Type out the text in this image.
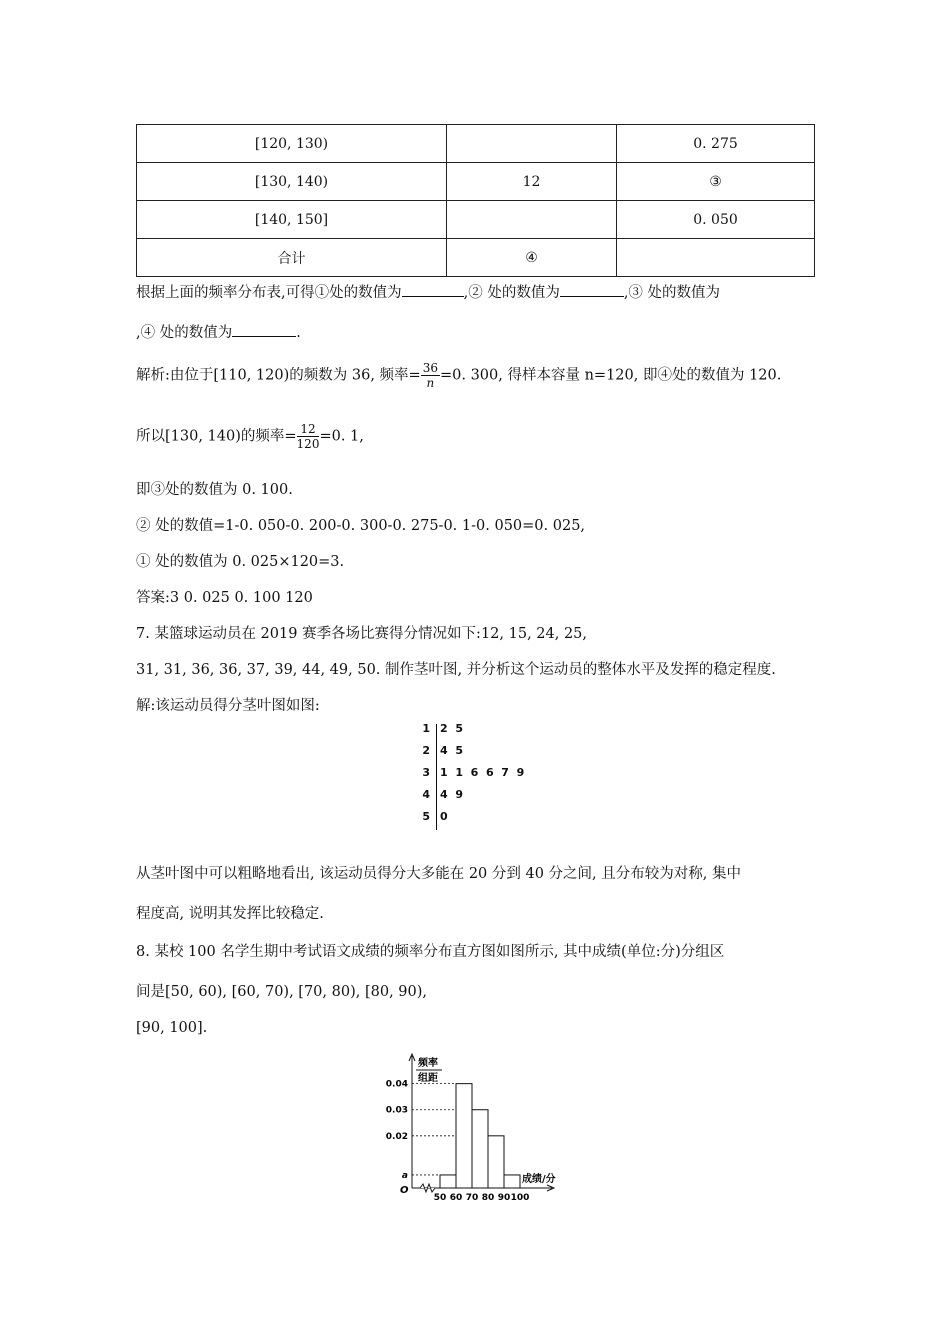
[120, 130)		0. 275
[130, 140)	12	③
[140, 150]		0. 050
合计	④	
根据上面的频率分布表,可得①处的数值为	,② 处的数值为	,③ 处的数值为
,④ 处的数值为	.
解析:由位于[110, 120)的频数为 36, 频率= $\frac{36}{n} =0$. 300, 得样本容量 n=120, 即④处的数值为 120.
所以[130, 140)的频率= $\frac{12}{120} =0$. 1,
即③处的数值为 0. 100.
② 处的数值=1-0. 050-0. 200-0. 300-0. 275-0. 1-0. 050=0. 025,
① 处的数值为 0. 025×120=3.
答案:3 0. 025 0. 100 120
7. 某篮球运动员在 2019 赛季各场比赛得分情况如下:12, 15, 24, 25,
31, 31, 36, 36, 37, 39, 44, 49, 50. 制作茎叶图, 并分析这个运动员的整体水平及发挥的稳定程度.
解:该运动员得分茎叶图如图:
1 2  5
2 4  5
3 1  1  6  6  7  9
4 4  9
5 0
从茎叶图中可以粗略地看出, 该运动员得分大多能在 20 分到 40 分之间, 且分布较为对称, 集中
程度高, 说明其发挥比较稳定.
8. 某校 100 名学生期中考试语文成绩的频率分布直方图如图所示, 其中成绩(单位:分)分组区
间是[50, 60), [60, 70), [70, 80), [80, 90),
[90, 100].
频率
组距
O
0.04
0.03
0.02
a
50 60 70 80 90 100
成绩/分
